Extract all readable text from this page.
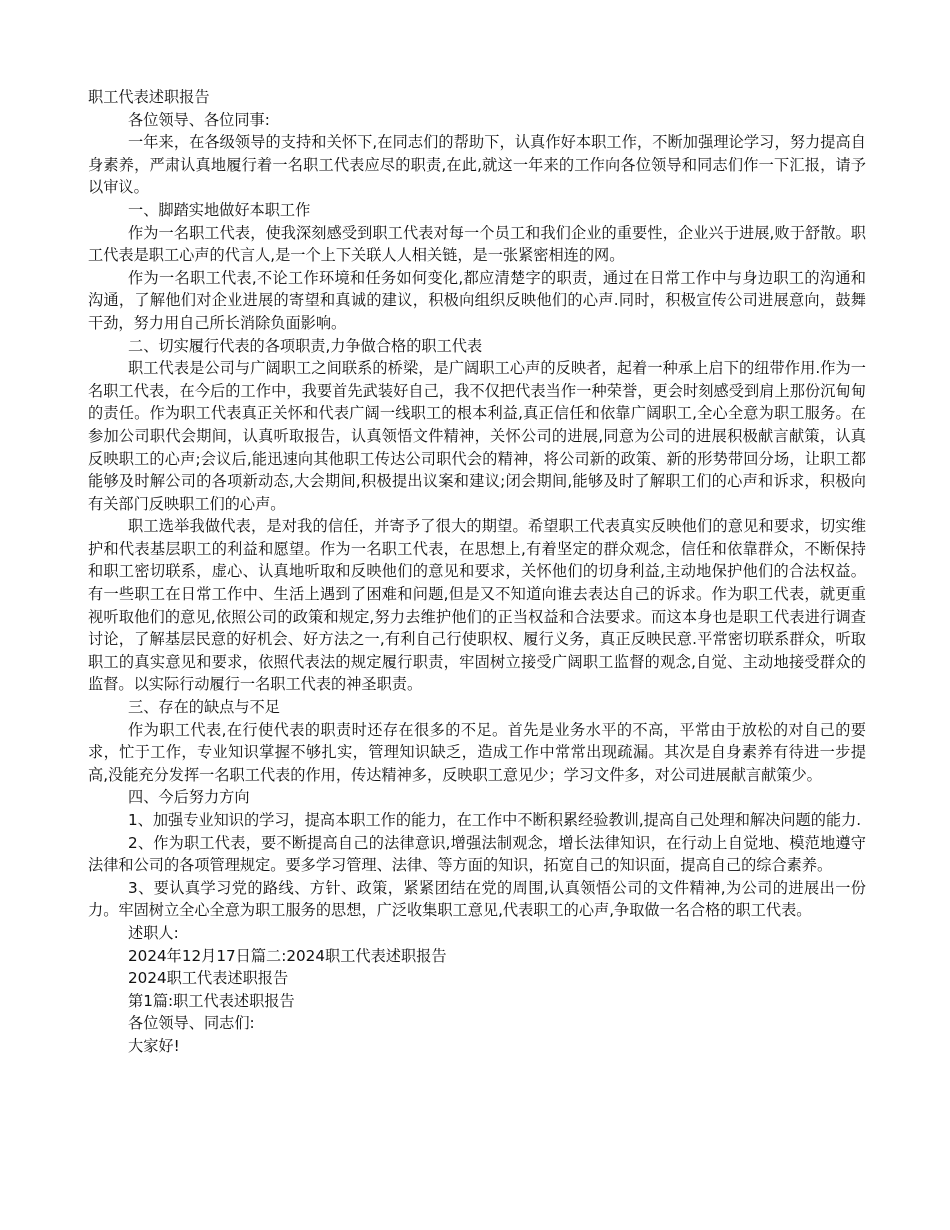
职工代表述职报告
各位领导、各位同事:

一年来，在各级领导的支持和关怀下,在同志们的帮助下，认真作好本职工作，不断加强理论学习，努力提高自身素养，严肃认真地履行着一名职工代表应尽的职责,在此,就这一年来的工作向各位领导和同志们作一下汇报，请予以审议。

一、脚踏实地做好本职工作

作为一名职工代表，使我深刻感受到职工代表对每一个员工和我们企业的重要性，企业兴于进展,败于舒散。职工代表是职工心声的代言人,是一个上下关联人人相关链，是一张紧密相连的网。

作为一名职工代表,不论工作环境和任务如何变化,都应清楚字的职责，通过在日常工作中与身边职工的沟通和沟通，了解他们对企业进展的寄望和真诚的建议，积极向组织反映他们的心声.同时，积极宣传公司进展意向，鼓舞干劲，努力用自己所长消除负面影响。

二、切实履行代表的各项职责,力争做合格的职工代表

职工代表是公司与广阔职工之间联系的桥梁，是广阔职工心声的反映者，起着一种承上启下的纽带作用.作为一名职工代表，在今后的工作中，我要首先武装好自己，我不仅把代表当作一种荣誉，更会时刻感受到肩上那份沉甸甸的责任。作为职工代表真正关怀和代表广阔一线职工的根本利益,真正信任和依靠广阔职工,全心全意为职工服务。在参加公司职代会期间，认真听取报告，认真领悟文件精神，关怀公司的进展,同意为公司的进展积极献言献策，认真反映职工的心声;会议后,能迅速向其他职工传达公司职代会的精神，将公司新的政策、新的形势带回分场，让职工都能够及时解公司的各项新动态,大会期间,积极提出议案和建议;闭会期间,能够及时了解职工们的心声和诉求，积极向有关部门反映职工们的心声。

职工选举我做代表，是对我的信任，并寄予了很大的期望。希望职工代表真实反映他们的意见和要求，切实维护和代表基层职工的利益和愿望。作为一名职工代表，在思想上,有着坚定的群众观念，信任和依靠群众，不断保持和职工密切联系，虚心、认真地听取和反映他们的意见和要求，关怀他们的切身利益,主动地保护他们的合法权益。有一些职工在日常工作中、生活上遇到了困难和问题,但是又不知道向谁去表达自己的诉求。作为职工代表，就更重视听取他们的意见,依照公司的政策和规定,努力去维护他们的正当权益和合法要求。而这本身也是职工代表进行调查讨论，了解基层民意的好机会、好方法之一,有利自己行使职权、履行义务，真正反映民意.平常密切联系群众，听取职工的真实意见和要求，依照代表法的规定履行职责，牢固树立接受广阔职工监督的观念,自觉、主动地接受群众的监督。以实际行动履行一名职工代表的神圣职责。

三、存在的缺点与不足

作为职工代表,在行使代表的职责时还存在很多的不足。首先是业务水平的不高，平常由于放松的对自己的要求，忙于工作，专业知识掌握不够扎实，管理知识缺乏，造成工作中常常出现疏漏。其次是自身素养有待进一步提高,没能充分发挥一名职工代表的作用，传达精神多，反映职工意见少；学习文件多，对公司进展献言献策少。

四、今后努力方向

1、加强专业知识的学习，提高本职工作的能力，在工作中不断积累经验教训,提高自己处理和解决问题的能力.

2、作为职工代表，要不断提高自己的法律意识,增强法制观念，增长法律知识，在行动上自觉地、模范地遵守法律和公司的各项管理规定。要多学习管理、法律、等方面的知识，拓宽自己的知识面，提高自己的综合素养。

3、要认真学习党的路线、方针、政策，紧紧团结在党的周围,认真领悟公司的文件精神,为公司的进展出一份力。牢固树立全心全意为职工服务的思想，广泛收集职工意见,代表职工的心声,争取做一名合格的职工代表。

述职人:
2024年12月17日篇二:2024职工代表述职报告
2024职工代表述职报告
第1篇:职工代表述职报告
各位领导、同志们:
大家好!
